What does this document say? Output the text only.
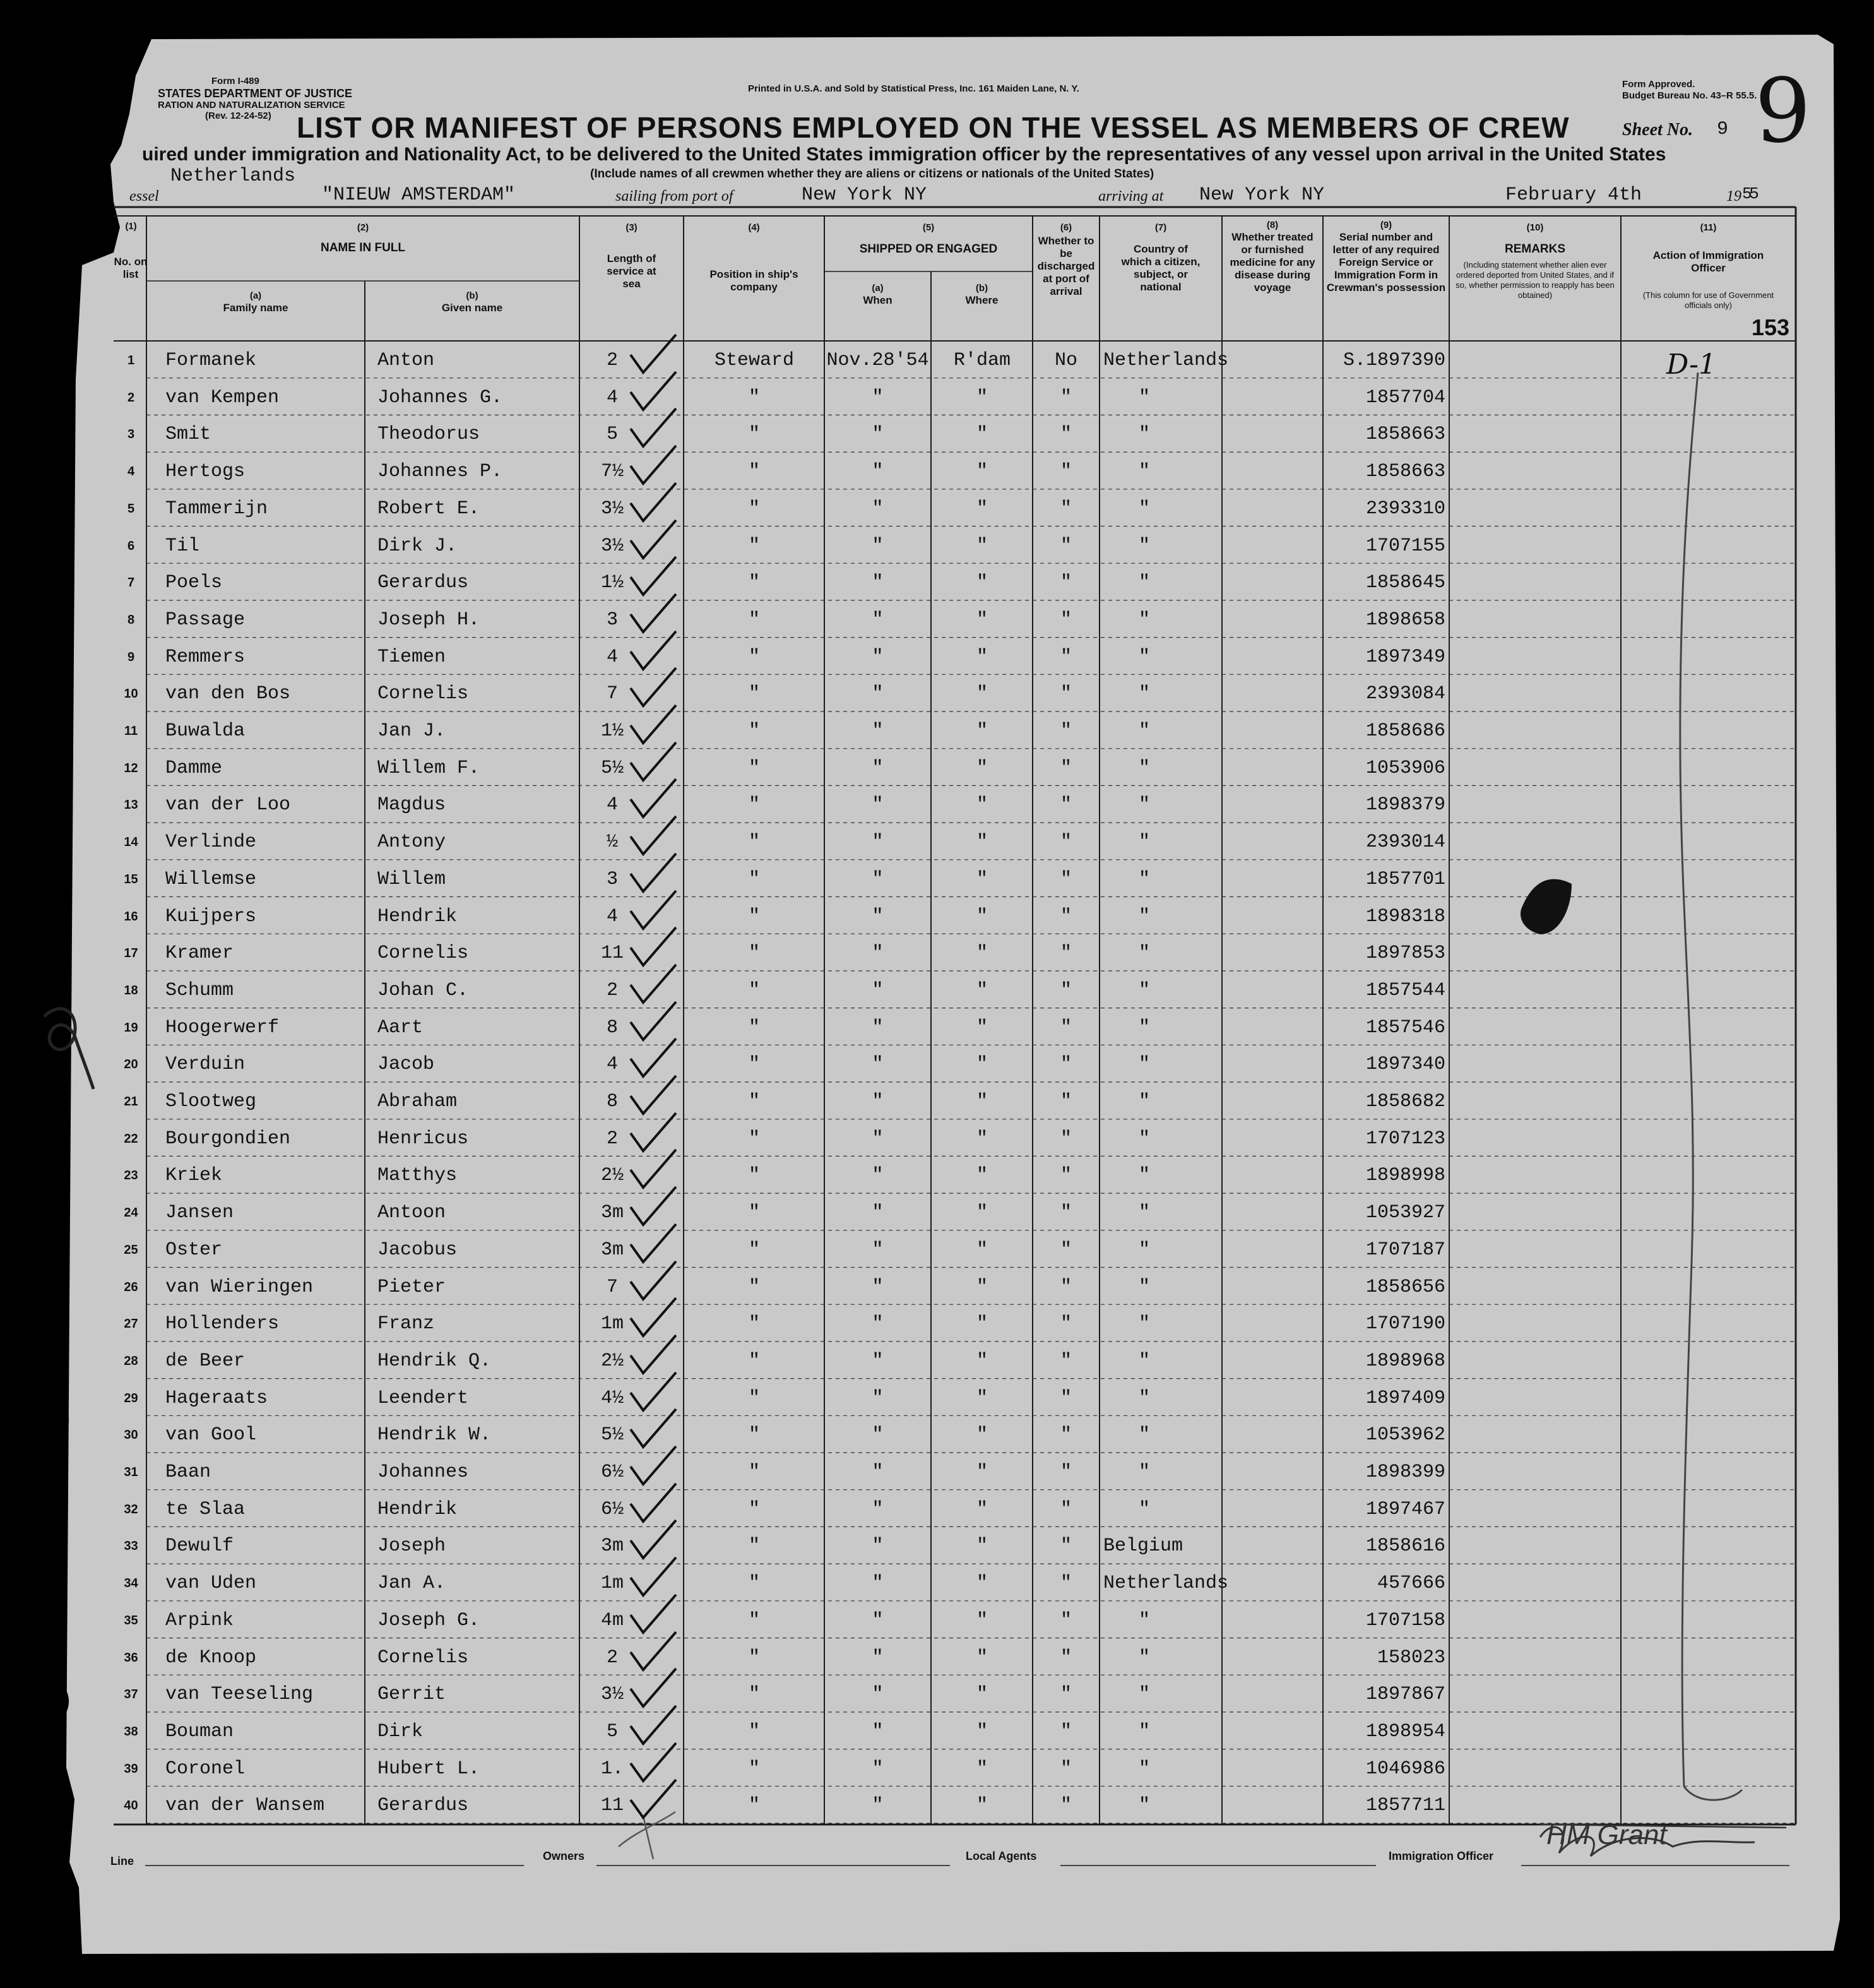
Form I-489
STATES DEPARTMENT OF JUSTICE
RATION AND NATURALIZATION SERVICE
(Rev. 12-24-52)
Printed in U.S.A. and Sold by Statistical Press, Inc. 161 Maiden Lane, N. Y.	Form Approved.
Budget Bureau No. 43–R 55.5.
LIST OR MANIFEST OF PERSONS EMPLOYED ON THE VESSEL AS MEMBERS OF CREW	Sheet No. 9 9
uired under immigration and Nationality Act, to be delivered to the United States immigration officer by the representatives of any vessel upon arrival in the United States
(Include names of all crewmen whether they are aliens or citizens or nationals of the United States)
Netherlands
essel	"NIEUW AMSTERDAM"	sailing from port of	New York NY	arriving at New York NY	February 4th	19 5 5
(1)
No. on list
(2)
NAME IN FULL
(a)
Family name
(b)
Given name
(3)
Length of service at sea
(4)
Position in ship's company
(5)
SHIPPED OR ENGAGED
(a)
When
(b)
Where
(6)
Whether to be discharged at port of arrival
(7)
Country of which a citizen, subject, or national
(8)
Whether treated or furnished medicine for any disease during voyage
(9)
Serial number and letter of any required Foreign Service or Immigration Form in Crewman's possession
(10)
REMARKS
(Including statement whether alien ever ordered deported from United States, and if so, whether permission to reapply has been obtained)
(11)
Action of Immigration Officer
(This column for use of Government officials only)
153
D-1
1	Formanek	Anton	2	Steward	Nov.28'54	R'dam	No	Netherlands	S.1897390
2	van Kempen	Johannes G.	4	"	"	"	"	"	1857704
3	Smit	Theodorus	5	"	"	"	"	"	1858663
4	Hertogs	Johannes P.	7½	"	"	"	"	"	1858663
5	Tammerijn	Robert E.	3½	"	"	"	"	"	2393310
6	Til	Dirk J.	3½	"	"	"	"	"	1707155
7	Poels	Gerardus	1½	"	"	"	"	"	1858645
8	Passage	Joseph H.	3	"	"	"	"	"	1898658
9	Remmers	Tiemen	4	"	"	"	"	"	1897349
10	van den Bos	Cornelis	7	"	"	"	"	"	2393084
11	Buwalda	Jan J.	1½	"	"	"	"	"	1858686
12	Damme	Willem F.	5½	"	"	"	"	"	1053906
13	van der Loo	Magdus	4	"	"	"	"	"	1898379
14	Verlinde	Antony	½	"	"	"	"	"	2393014
15	Willemse	Willem	3	"	"	"	"	"	1857701
16	Kuijpers	Hendrik	4	"	"	"	"	"	1898318
17	Kramer	Cornelis	11	"	"	"	"	"	1897853
18	Schumm	Johan C.	2	"	"	"	"	"	1857544
19	Hoogerwerf	Aart	8	"	"	"	"	"	1857546
20	Verduin	Jacob	4	"	"	"	"	"	1897340
21	Slootweg	Abraham	8	"	"	"	"	"	1858682
22	Bourgondien	Henricus	2	"	"	"	"	"	1707123
23	Kriek	Matthys	2½	"	"	"	"	"	1898998
24	Jansen	Antoon	3m	"	"	"	"	"	1053927
25	Oster	Jacobus	3m	"	"	"	"	"	1707187
26	van Wieringen	Pieter	7	"	"	"	"	"	1858656
27	Hollenders	Franz	1m	"	"	"	"	"	1707190
28	de Beer	Hendrik Q.	2½	"	"	"	"	"	1898968
29	Hageraats	Leendert	4½	"	"	"	"	"	1897409
30	van Gool	Hendrik W.	5½	"	"	"	"	"	1053962
31	Baan	Johannes	6½	"	"	"	"	"	1898399
32	te Slaa	Hendrik	6½	"	"	"	"	"	1897467
33	Dewulf	Joseph	3m	"	"	"	"	Belgium	1858616
34	van Uden	Jan A.	1m	"	"	"	"	Netherlands	457666
35	Arpink	Joseph G.	4m	"	"	"	"	"	1707158
36	de Knoop	Cornelis	2	"	"	"	"	"	158023
37	van Teeseling	Gerrit	3½	"	"	"	"	"	1897867
38	Bouman	Dirk	5	"	"	"	"	"	1898954
39	Coronel	Hubert L.	1.	"	"	"	"	"	1046986
40	van der Wansem	Gerardus	11	"	"	"	"	"	1857711
Line	Owners	Local Agents	Immigration Officer
HM Grant
